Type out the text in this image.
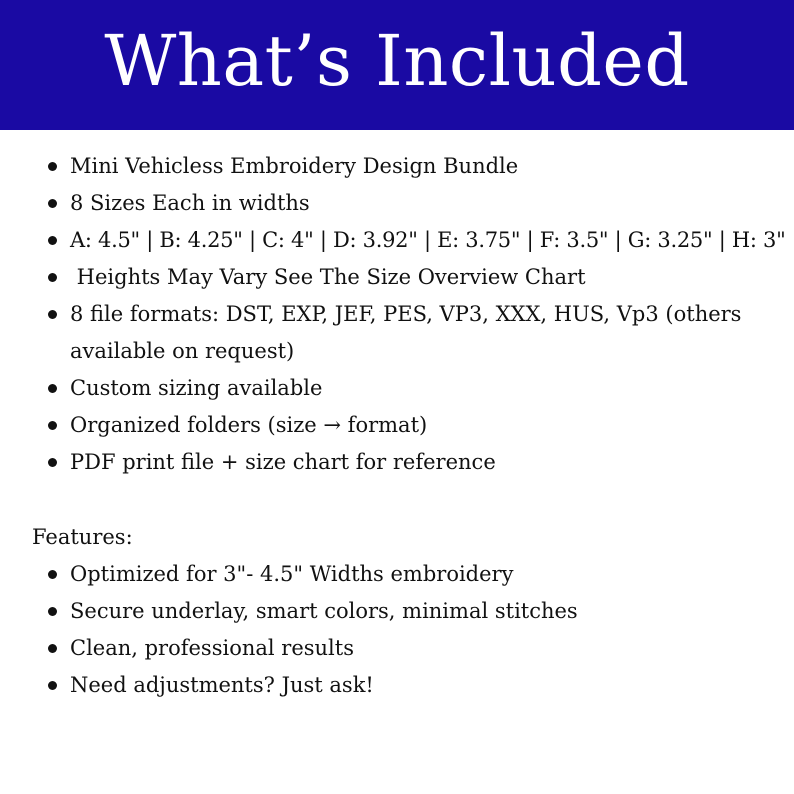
What’s Included
Mini Vehicless Embroidery Design Bundle
8 Sizes Each in widths
A: 4.5" | B: 4.25" | C: 4" | D: 3.92" | E: 3.75" | F: 3.5" | G: 3.25" | H: 3"
Heights May Vary See The Size Overview Chart
8 file formats: DST, EXP, JEF, PES, VP3, XXX, HUS, Vp3 (others available on request)
Custom sizing available
Organized folders (size → format)
PDF print file + size chart for reference
Features:
Optimized for 3"- 4.5" Widths embroidery
Secure underlay, smart colors, minimal stitches
Clean, professional results
Need adjustments? Just ask!
